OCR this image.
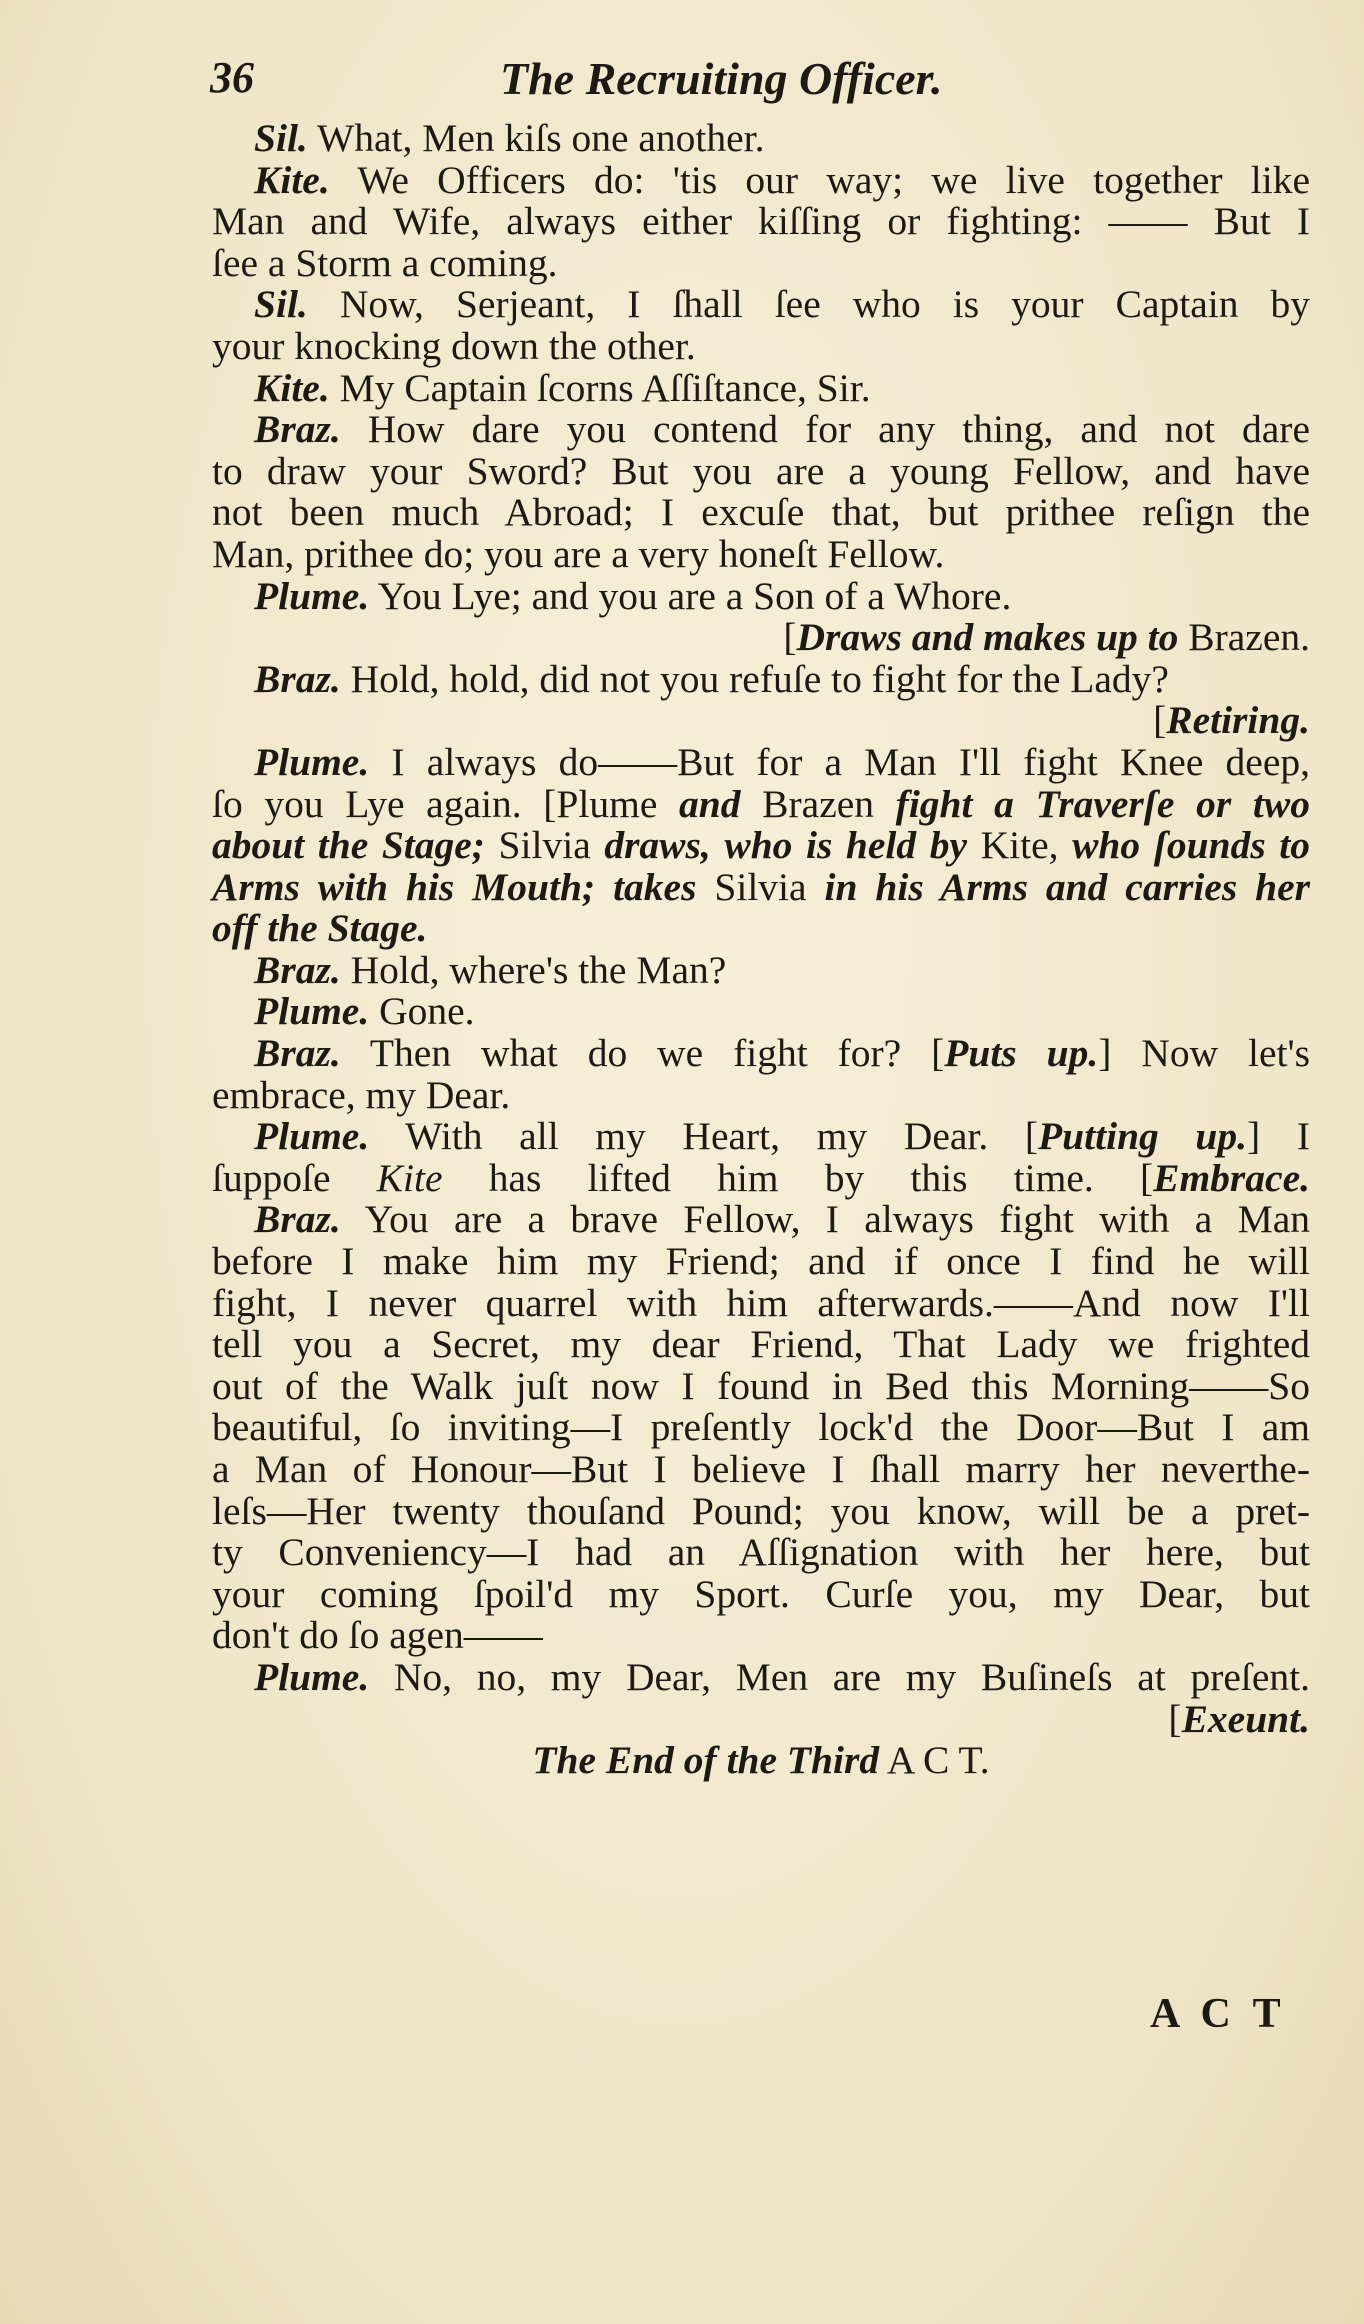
36	The Recruiting Officer.
Sil. What, Men kiſs one another.
Kite. We Officers do: 'tis our way; we live together like
Man and Wife, always either kiſſing or fighting: —— But I
ſee a Storm a coming.
Sil. Now, Serjeant, I ſhall ſee who is your Captain by
your knocking down the other.
Kite. My Captain ſcorns Aſſiſtance, Sir.
Braz. How dare you contend for any thing, and not dare
to draw your Sword? But you are a young Fellow, and have
not been much Abroad; I excuſe that, but prithee reſign the
Man, prithee do; you are a very honeſt Fellow.
Plume. You Lye; and you are a Son of a Whore.
[Draws and makes up to Brazen.
Braz. Hold, hold, did not you refuſe to fight for the Lady?
[Retiring.
Plume. I always do——But for a Man I'll fight Knee deep,
ſo you Lye again. [Plume and Brazen fight a Traverſe or two
about the Stage; Silvia draws, who is held by Kite, who ſounds to
Arms with his Mouth; takes Silvia in his Arms and carries her
off the Stage.
Braz. Hold, where's the Man?
Plume. Gone.
Braz. Then what do we fight for? [Puts up.] Now let's
embrace, my Dear.
Plume. With all my Heart, my Dear. [Putting up.] I
ſuppoſe Kite has lifted him by this time. [Embrace.
Braz. You are a brave Fellow, I always fight with a Man
before I make him my Friend; and if once I find he will
fight, I never quarrel with him afterwards.——And now I'll
tell you a Secret, my dear Friend, That Lady we frighted
out of the Walk juſt now I found in Bed this Morning——So
beautiful, ſo inviting—I preſently lock'd the Door—But I am
a Man of Honour—But I believe I ſhall marry her neverthe-
leſs—Her twenty thouſand Pound; you know, will be a pret-
ty Conveniency—I had an Aſſignation with her here, but
your coming ſpoil'd my Sport. Curſe you, my Dear, but
don't do ſo agen——
Plume. No, no, my Dear, Men are my Buſineſs at preſent.
[Exeunt.
The End of the Third A C T.
A C T
